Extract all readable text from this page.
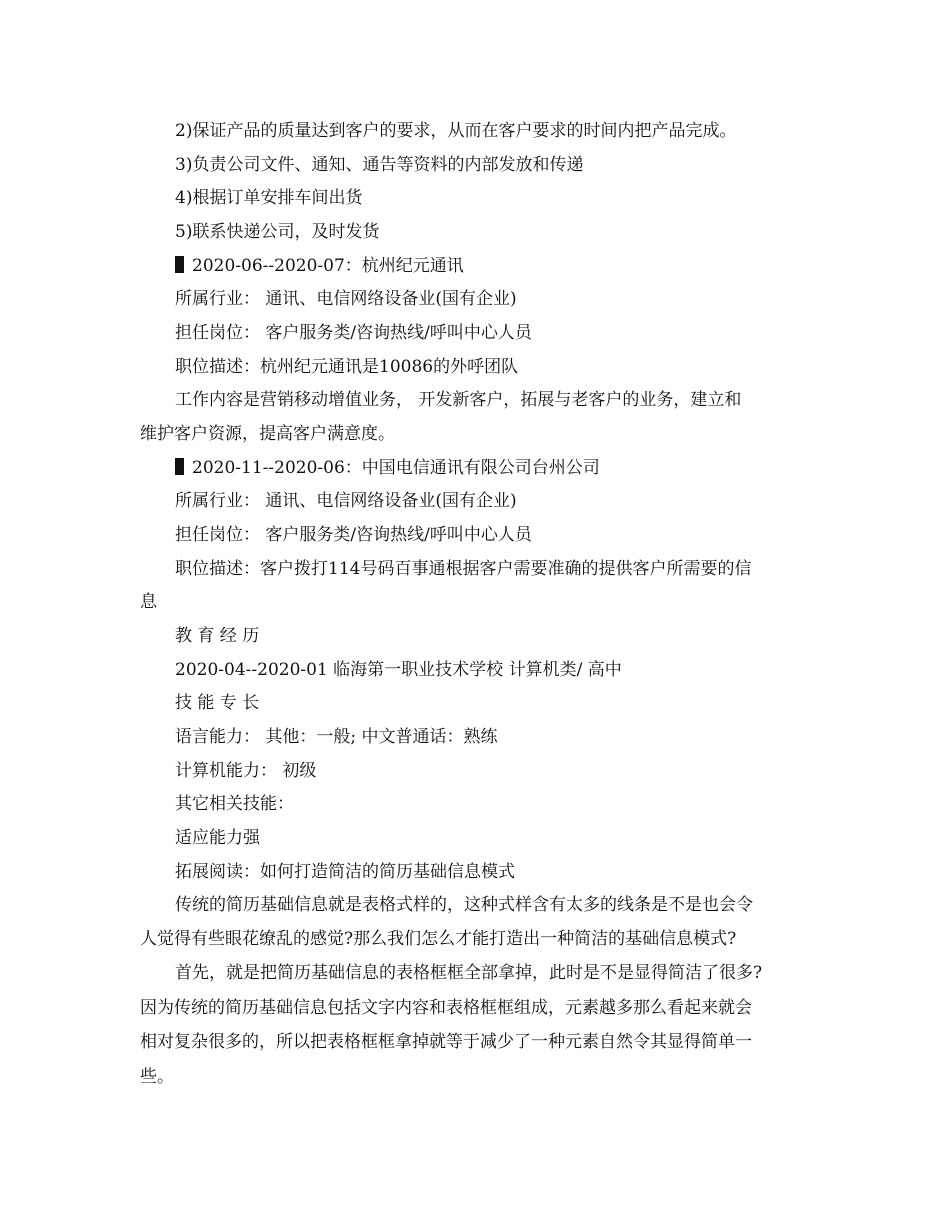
2)保证产品的质量达到客户的要求，从而在客户要求的时间内把产品完成。
3)负责公司文件、通知、通告等资料的内部发放和传递
4)根据订单安排车间出货
5)联系快递公司，及时发货
2020-06--2020-07：杭州纪元通讯
所属行业： 通讯、电信网络设备业(国有企业)
担任岗位： 客户服务类/咨询热线/呼叫中心人员
职位描述：杭州纪元通讯是10086的外呼团队
工作内容是营销移动增值业务， 开发新客户，拓展与老客户的业务，建立和
维护客户资源，提高客户满意度。
2020-11--2020-06：中国电信通讯有限公司台州公司
所属行业： 通讯、电信网络设备业(国有企业)
担任岗位： 客户服务类/咨询热线/呼叫中心人员
职位描述：客户拨打114号码百事通根据客户需要准确的提供客户所需要的信
息
教 育 经 历
2020-04--2020-01 临海第一职业技术学校 计算机类/ 高中
技 能 专 长
语言能力： 其他：一般; 中文普通话：熟练
计算机能力： 初级
其它相关技能：
适应能力强
拓展阅读：如何打造简洁的简历基础信息模式
传统的简历基础信息就是表格式样的，这种式样含有太多的线条是不是也会令
人觉得有些眼花缭乱的感觉?那么我们怎么才能打造出一种简洁的基础信息模式?
首先，就是把简历基础信息的表格框框全部拿掉，此时是不是显得简洁了很多?
因为传统的简历基础信息包括文字内容和表格框框组成，元素越多那么看起来就会
相对复杂很多的，所以把表格框框拿掉就等于减少了一种元素自然令其显得简单一
些。
